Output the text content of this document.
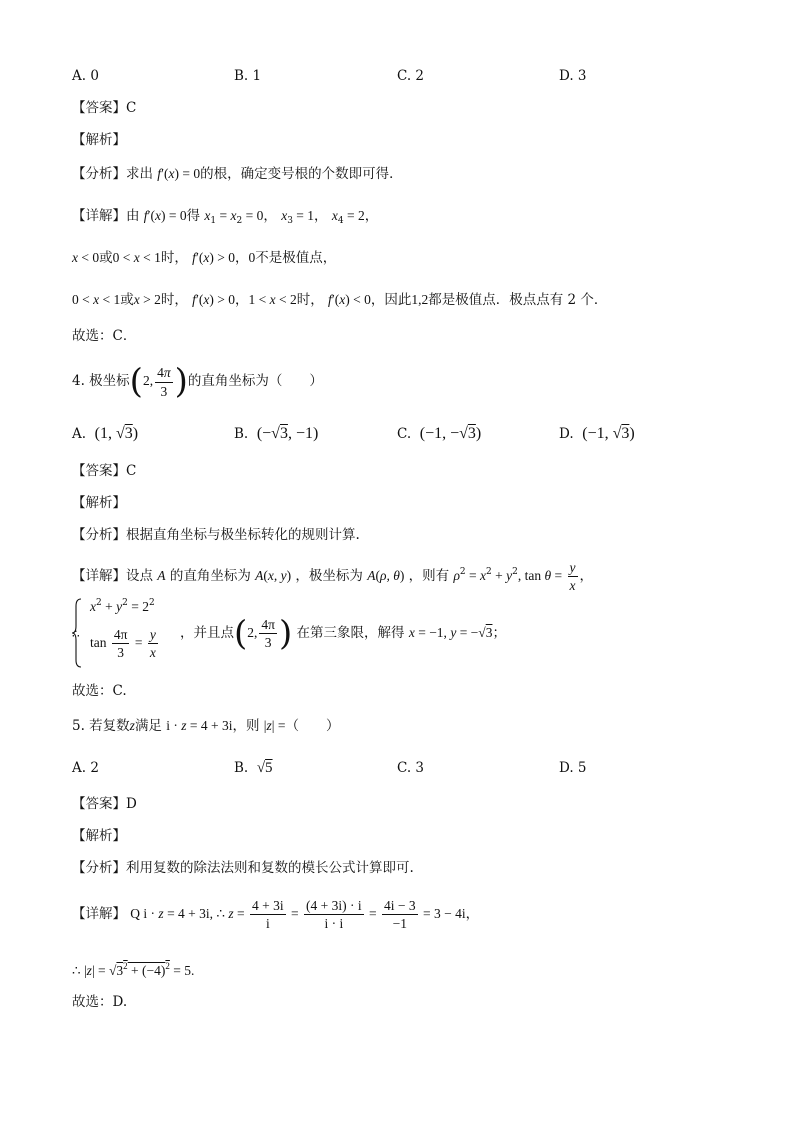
A. 0	B. 1	C. 2	D. 3
【答案】C
【解析】
【分析】求出 f′(x) = 0的根，确定变号根的个数即可得．
【详解】由 f′(x) = 0得 $x_1 = x_2 = 0$， $x_3 = 1$， $x_4 = 2$，
x < 0或0 < x < 1时， f′(x) > 0，0不是极值点，
0 < x < 1或x > 2时， f′(x) > 0，1 < x < 2时， f′(x) < 0，因此1,2都是极值点．极点点有 2 个．
故选：C．
4. 极坐标(2, $\frac{4\pi}{3}$ )的直角坐标为（　　）
A. (1, √3)	B. (−√3, −1)	C. (−1, −√3)	D. (−1, √3)
【答案】C
【解析】
【分析】根据直角坐标与极坐标转化的规则计算.
【详解】设点 A 的直角坐标为 A(x, y) ，极坐标为 A(ρ, θ) ，则有 $\rho^2 = x^2 + y^2$, $\tan \theta = \frac{y}{x}$ ，
∴
$x^2 + y^2 = 2^2$
$\tan \frac{4\pi}{3} = \frac{y}{x}$ ，并且点(2, $\frac{4\pi}{3}$ ) 在第三象限，解得 x = −1, y = −√3；
故选：C.
5. 若复数z满足 i · z = 4 + 3i，则 |z| =（　　）
A. 2	B. √5	C. 3	D. 5
【答案】D
【解析】
【分析】利用复数的除法法则和复数的模长公式计算即可.
【详解】 Q i · z = 4 + 3i, ∴ $z = \frac{4 + 3i}{i} = \frac{(4 + 3i) \cdot i}{i \cdot i} = \frac{4i - 3}{-1} = 3 - 4i$，
∴ $|z| = √3^2 + (-4)^2 = 5$.
故选：D.
